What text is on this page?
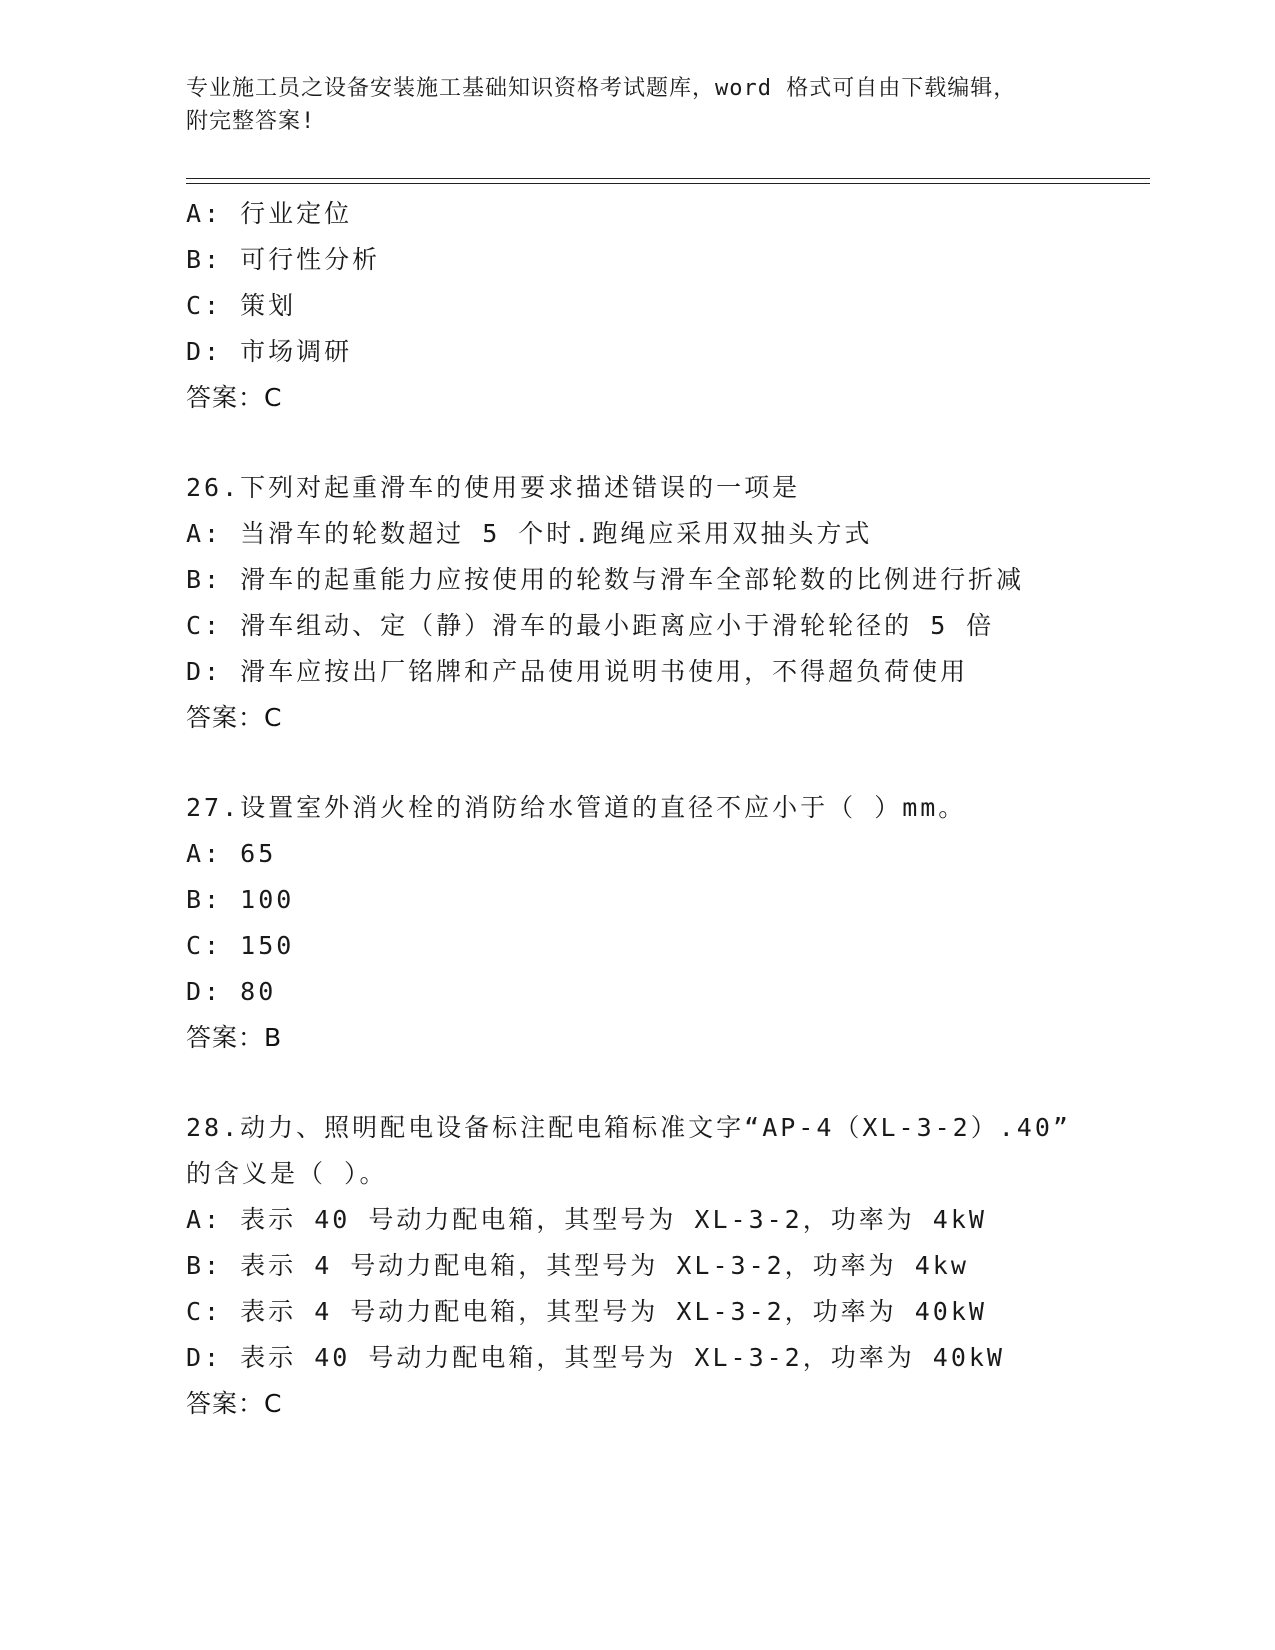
专业施工员之设备安装施工基础知识资格考试题库，word 格式可自由下载编辑，
附完整答案!
A: 行业定位
B: 可行性分析
C: 策划
D: 市场调研
答案：C
26.下列对起重滑车的使用要求描述错误的一项是
A: 当滑车的轮数超过 5 个时.跑绳应采用双抽头方式
B: 滑车的起重能力应按使用的轮数与滑车全部轮数的比例进行折减
C: 滑车组动、定（静）滑车的最小距离应小于滑轮轮径的 5 倍
D: 滑车应按出厂铭牌和产品使用说明书使用，不得超负荷使用
答案：C
27.设置室外消火栓的消防给水管道的直径不应小于（ ）mm。
A: 65
B: 100
C: 150
D: 80
答案：B
28.动力、照明配电设备标注配电箱标准文字“AP-4（XL-3-2）.40”
的含义是（ ）。
A: 表示 40 号动力配电箱，其型号为 XL-3-2，功率为 4kW
B: 表示 4 号动力配电箱，其型号为 XL-3-2，功率为 4kw
C: 表示 4 号动力配电箱，其型号为 XL-3-2，功率为 40kW
D: 表示 40 号动力配电箱，其型号为 XL-3-2，功率为 40kW
答案：C
